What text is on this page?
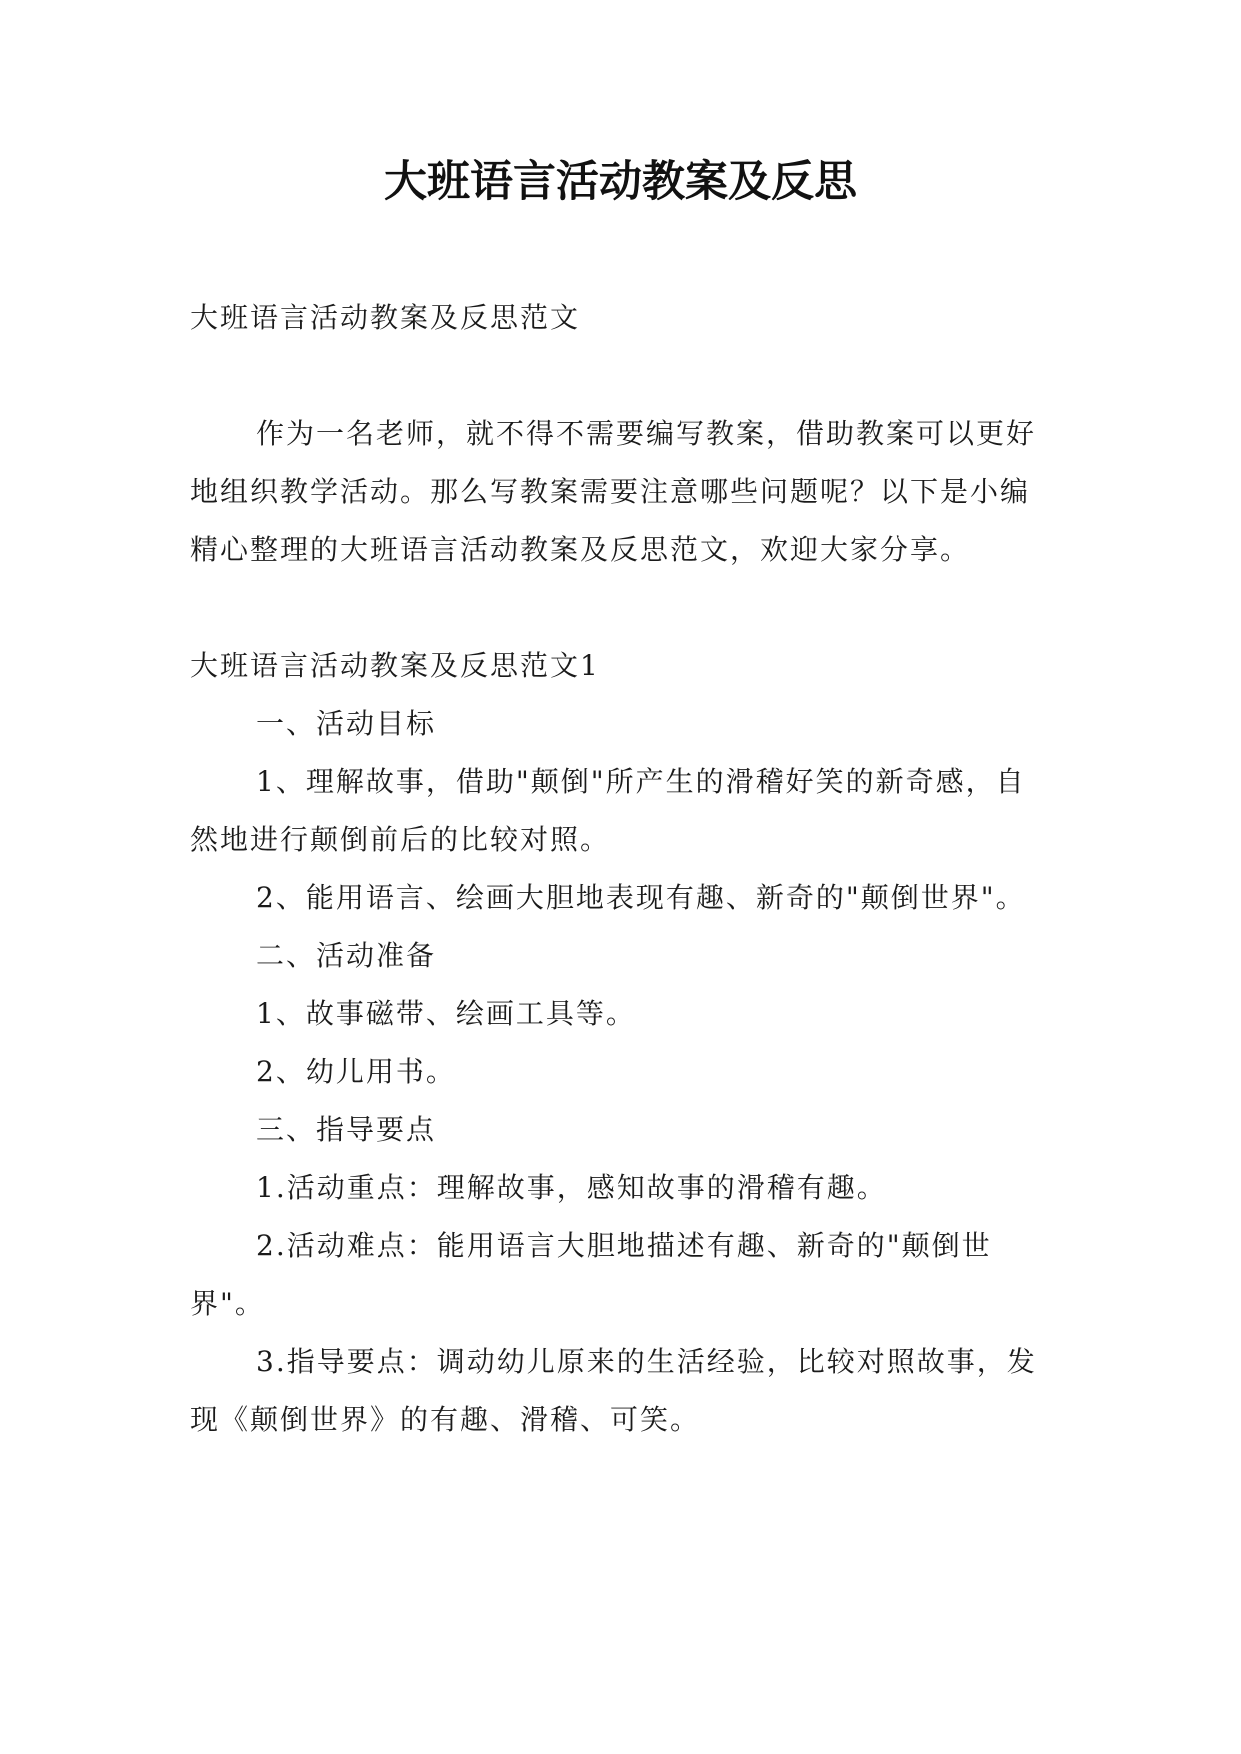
大班语言活动教案及反思

大班语言活动教案及反思范文

作为一名老师，就不得不需要编写教案，借助教案可以更好地组织教学活动。那么写教案需要注意哪些问题呢？以下是小编精心整理的大班语言活动教案及反思范文，欢迎大家分享。

大班语言活动教案及反思范文1

一、活动目标

1、理解故事，借助"颠倒"所产生的滑稽好笑的新奇感，自然地进行颠倒前后的比较对照。

2、能用语言、绘画大胆地表现有趣、新奇的"颠倒世界"。

二、活动准备

1、故事磁带、绘画工具等。

2、幼儿用书。

三、指导要点

1.活动重点：理解故事，感知故事的滑稽有趣。

2.活动难点：能用语言大胆地描述有趣、新奇的"颠倒世界"。

3.指导要点：调动幼儿原来的生活经验，比较对照故事，发现《颠倒世界》的有趣、滑稽、可笑。
